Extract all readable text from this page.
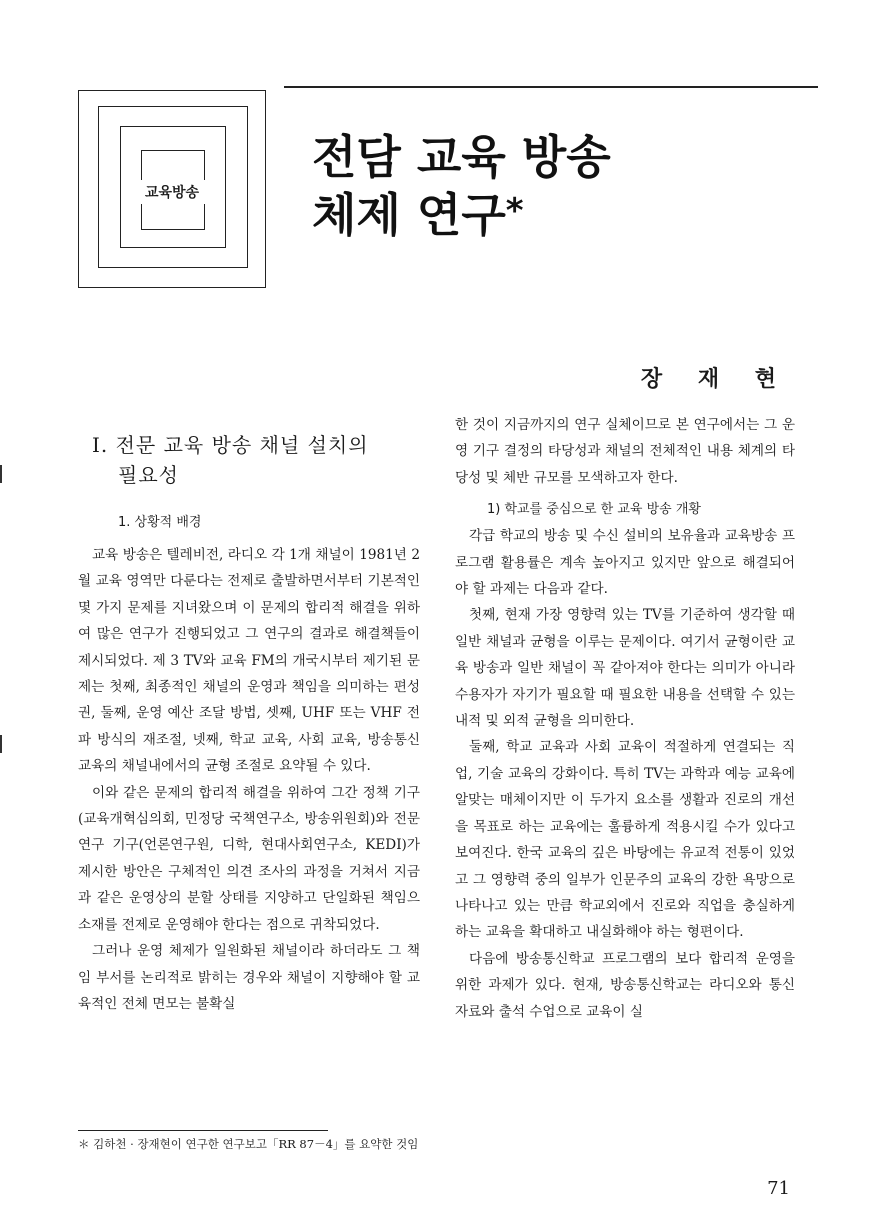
교육방송
전담 교육 방송
체제 연구*
장 재 현
Ⅰ. 전문 교육 방송 채널 설치의
필요성
1. 상황적 배경

교육 방송은 텔레비전, 라디오 각 1개 채널이 1981년 2월 교육 영역만 다룬다는 전제로 출발하면서부터 기본적인 몇 가지 문제를 지녀왔으며 이 문제의 합리적 해결을 위하여 많은 연구가 진행되었고 그 연구의 결과로 해결책들이 제시되었다. 제 3 TV와 교육 FM의 개국시부터 제기된 문제는 첫째, 최종적인 채널의 운영과 책임을 의미하는 편성권, 둘째, 운영 예산 조달 방법, 셋째, UHF 또는 VHF 전파 방식의 재조절, 넷째, 학교 교육, 사회 교육, 방송통신 교육의 채널내에서의 균형 조절로 요약될 수 있다.

이와 같은 문제의 합리적 해결을 위하여 그간 정책 기구(교육개혁심의회, 민정당 국책연구소, 방송위원회)와 전문 연구 기구(언론연구원, 디학, 현대사회연구소, KEDI)가 제시한 방안은 구체적인 의견 조사의 과정을 거쳐서 지금과 같은 운영상의 분할 상태를 지양하고 단일화된 책임으 소재를 전제로 운영해야 한다는 점으로 귀착되었다.

그러나 운영 체제가 일원화된 채널이라 하더라도 그 책임 부서를 논리적로 밝히는 경우와 채널이 지향해야 할 교육적인 전체 면모는 불확실

한 것이 지금까지의 연구 실체이므로 본 연구에서는 그 운영 기구 결정의 타당성과 채널의 전체적인 내용 체계의 타당성 및 체반 규모를 모색하고자 한다.

1) 학교를 중심으로 한 교육 방송 개황

각급 학교의 방송 및 수신 설비의 보유율과 교육방송 프로그램 활용률은 계속 높아지고 있지만 앞으로 해결되어야 할 과제는 다음과 같다.

첫째, 현재 가장 영향력 있는 TV를 기준하여 생각할 때 일반 채널과 균형을 이루는 문제이다. 여기서 균형이란 교육 방송과 일반 채널이 꼭 같아져야 한다는 의미가 아니라 수용자가 자기가 필요할 때 필요한 내용을 선택할 수 있는 내적 및 외적 균형을 의미한다.

둘째, 학교 교육과 사회 교육이 적절하게 연결되는 직업, 기술 교육의 강화이다. 특히 TV는 과학과 예능 교육에 알맞는 매체이지만 이 두가지 요소를 생활과 진로의 개선을 목표로 하는 교육에는 훌륭하게 적용시킬 수가 있다고 보여진다. 한국 교육의 깊은 바탕에는 유교적 전통이 있었고 그 영향력 중의 일부가 인문주의 교육의 강한 욕망으로 나타나고 있는 만큼 학교외에서 진로와 직업을 충실하게 하는 교육을 확대하고 내실화해야 하는 형편이다.

다음에 방송통신학교 프로그램의 보다 합리적 운영을 위한 과제가 있다. 현재, 방송통신학교는 라디오와 통신 자료와 출석 수업으로 교육이 실

＊ 김하천 · 장재현이 연구한 연구보고「RR 87－4」를 요약한 것임
71
